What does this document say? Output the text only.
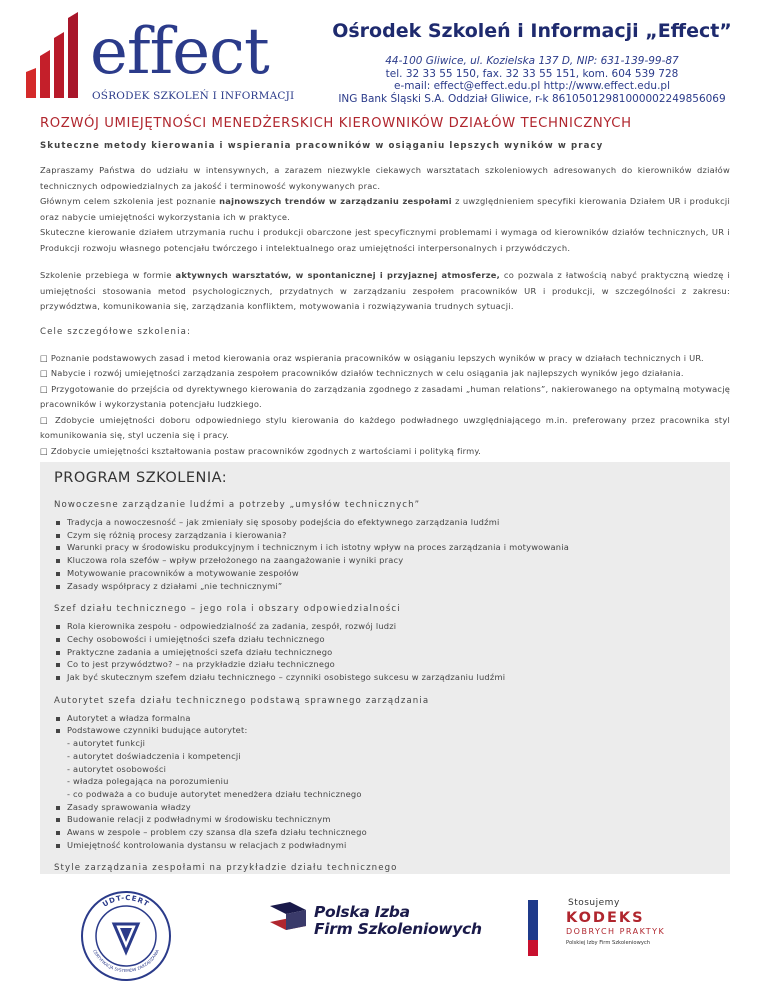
effect
OŚRODEK SZKOLEŃ I INFORMACJI
Ośrodek Szkoleń i Informacji „Effect”
44-100 Gliwice, ul. Kozielska 137 D, NIP: 631-139-99-87
tel. 32 33 55 150, fax. 32 33 55 151, kom. 604 539 728
e-mail: effect@effect.edu.pl http://www.effect.edu.pl
ING Bank Śląski S.A. Oddział Gliwice, r-k 86105012981000002249856069
ROZWÓJ UMIEJĘTNOŚCI MENEDŻERSKICH KIEROWNIKÓW DZIAŁÓW TECHNICZNYCH
Skuteczne metody kierowania i wspierania pracowników w osiąganiu lepszych wyników w pracy

Zapraszamy Państwa do udziału w intensywnych, a zarazem niezwykle ciekawych warsztatach szkoleniowych adresowanych do kierowników działów technicznych odpowiedzialnych za jakość i terminowość wykonywanych prac.

Głównym celem szkolenia jest poznanie najnowszych trendów w zarządzaniu zespołami z uwzględnieniem specyfiki kierowania Działem UR i produkcji oraz nabycie umiejętności wykorzystania ich w praktyce.

Skuteczne kierowanie działem utrzymania ruchu i produkcji obarczone jest specyficznymi problemami i wymaga od kierowników działów technicznych, UR i Produkcji rozwoju własnego potencjału twórczego i intelektualnego oraz umiejętności interpersonalnych i przywódczych.

Szkolenie przebiega w formie aktywnych warsztatów, w spontanicznej i przyjaznej atmosferze, co pozwala z łatwością nabyć praktyczną wiedzę i umiejętności stosowania metod psychologicznych, przydatnych w zarządzaniu zespołem pracowników UR i produkcji, w szczególności z zakresu: przywództwa, komunikowania się, zarządzania konfliktem, motywowania i rozwiązywania trudnych sytuacji.

Cele szczegółowe szkolenia:

□ Poznanie podstawowych zasad i metod kierowania oraz wspierania pracowników w osiąganiu lepszych wyników w pracy w działach technicznych i UR.

□ Nabycie i rozwój umiejętności zarządzania zespołem pracowników działów technicznych w celu osiągania jak najlepszych wyników jego działania.

□ Przygotowanie do przejścia od dyrektywnego kierowania do zarządzania zgodnego z zasadami „human relations”, nakierowanego na optymalną motywację pracowników i wykorzystania potencjału ludzkiego.

□ Zdobycie umiejętności doboru odpowiedniego stylu kierowania do każdego podwładnego uwzględniającego m.in. preferowany przez pracownika styl komunikowania się, styl uczenia się i pracy.

□ Zdobycie umiejętności kształtowania postaw pracowników zgodnych z wartościami i polityką firmy.

PROGRAM SZKOLENIA:
Nowoczesne zarządzanie ludźmi a potrzeby „umysłów technicznych”
Tradycja a nowoczesność – jak zmieniały się sposoby podejścia do efektywnego zarządzania ludźmi
Czym się różnią procesy zarządzania i kierowania?
Warunki pracy w środowisku produkcyjnym i technicznym i ich istotny wpływ na proces zarządzania i motywowania
Kluczowa rola szefów – wpływ przełożonego na zaangażowanie i wyniki pracy
Motywowanie pracowników a motywowanie zespołów
Zasady współpracy z działami „nie technicznymi”
Szef działu technicznego – jego rola i obszary odpowiedzialności
Rola kierownika zespołu - odpowiedzialność za zadania, zespół, rozwój ludzi
Cechy osobowości i umiejętności szefa działu technicznego
Praktyczne zadania a umiejętności szefa działu technicznego
Co to jest przywództwo? – na przykładzie działu technicznego
Jak być skutecznym szefem działu technicznego – czynniki osobistego sukcesu w zarządzaniu ludźmi
Autorytet szefa działu technicznego podstawą sprawnego zarządzania
Autorytet a władza formalna
Podstawowe czynniki budujące autorytet:
- autorytet funkcji
- autorytet doświadczenia i kompetencji
- autorytet osobowości
- władza polegająca na porozumieniu
- co podważa a co buduje autorytet menedżera działu technicznego
Zasady sprawowania władzy
Budowanie relacji z podwładnymi w środowisku technicznym
Awans w zespole – problem czy szansa dla szefa działu technicznego
Umiejętność kontrolowania dystansu w relacjach z podwładnymi
Style zarządzania zespołami na przykładzie działu technicznego
UDT-CERT
CERTYFIKACJA SYSTEMÓW ZARZĄDZANIA
Polska Izba
Firm Szkoleniowych
Stosujemy
KODEKS
DOBRYCH PRAKTYK
Polskiej Izby Firm Szkoleniowych
